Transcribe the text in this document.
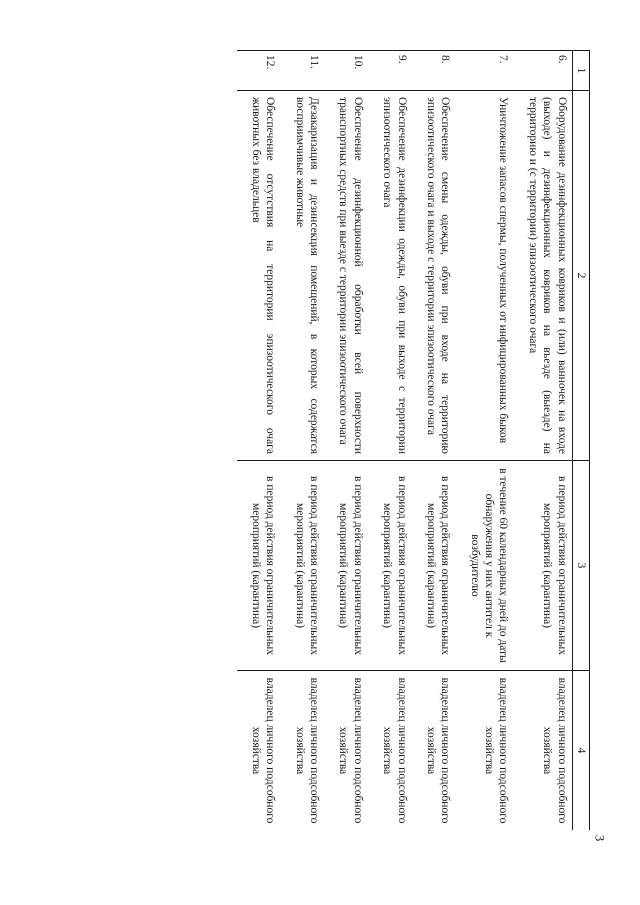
3
1	2	3	4
6.	Оборудование дезинфекционных ковриков и (или) ванночек на входе (выходе) и дезинфекционных ковриков на въезде (выезде) на территорию и (с территории) эпизоотического очага	в период действия ограничительных мероприятий (карантина)	владелец личного подсобного хозяйства
7.	Уничтожение запасов спермы, полученных от инфицированных быков	в течение 60 календарных дней до даты обнаружения у них антител к возбудителю	владелец личного подсобного хозяйства
8.	Обеспечение смены одежды, обуви при входе на территорию эпизоотического очага и выходе с территории эпизоотического очага	в период действия ограничительных мероприятий (карантина)	владелец личного подсобного хозяйства
9.	Обеспечение дезинфекции одежды, обуви при выходе с территории эпизоотического очага	в период действия ограничительных мероприятий (карантина)	владелец личного подсобного хозяйства
10.	Обеспечение дезинфекционной обработки всей поверхности транспортных средств при выезде с территории эпизоотического очага	в период действия ограничительных мероприятий (карантина)	владелец личного подсобного хозяйства
11.	Дезакаризация и дезинсекция помещений, в которых содержатся восприимчивые животные	в период действия ограничительных мероприятий (карантина)	владелец личного подсобного хозяйства
12.	Обеспечение отсутствия на территории эпизоотического очага животных без владельцев	в период действия ограничительных мероприятий (карантина)	владелец личного подсобного хозяйства
